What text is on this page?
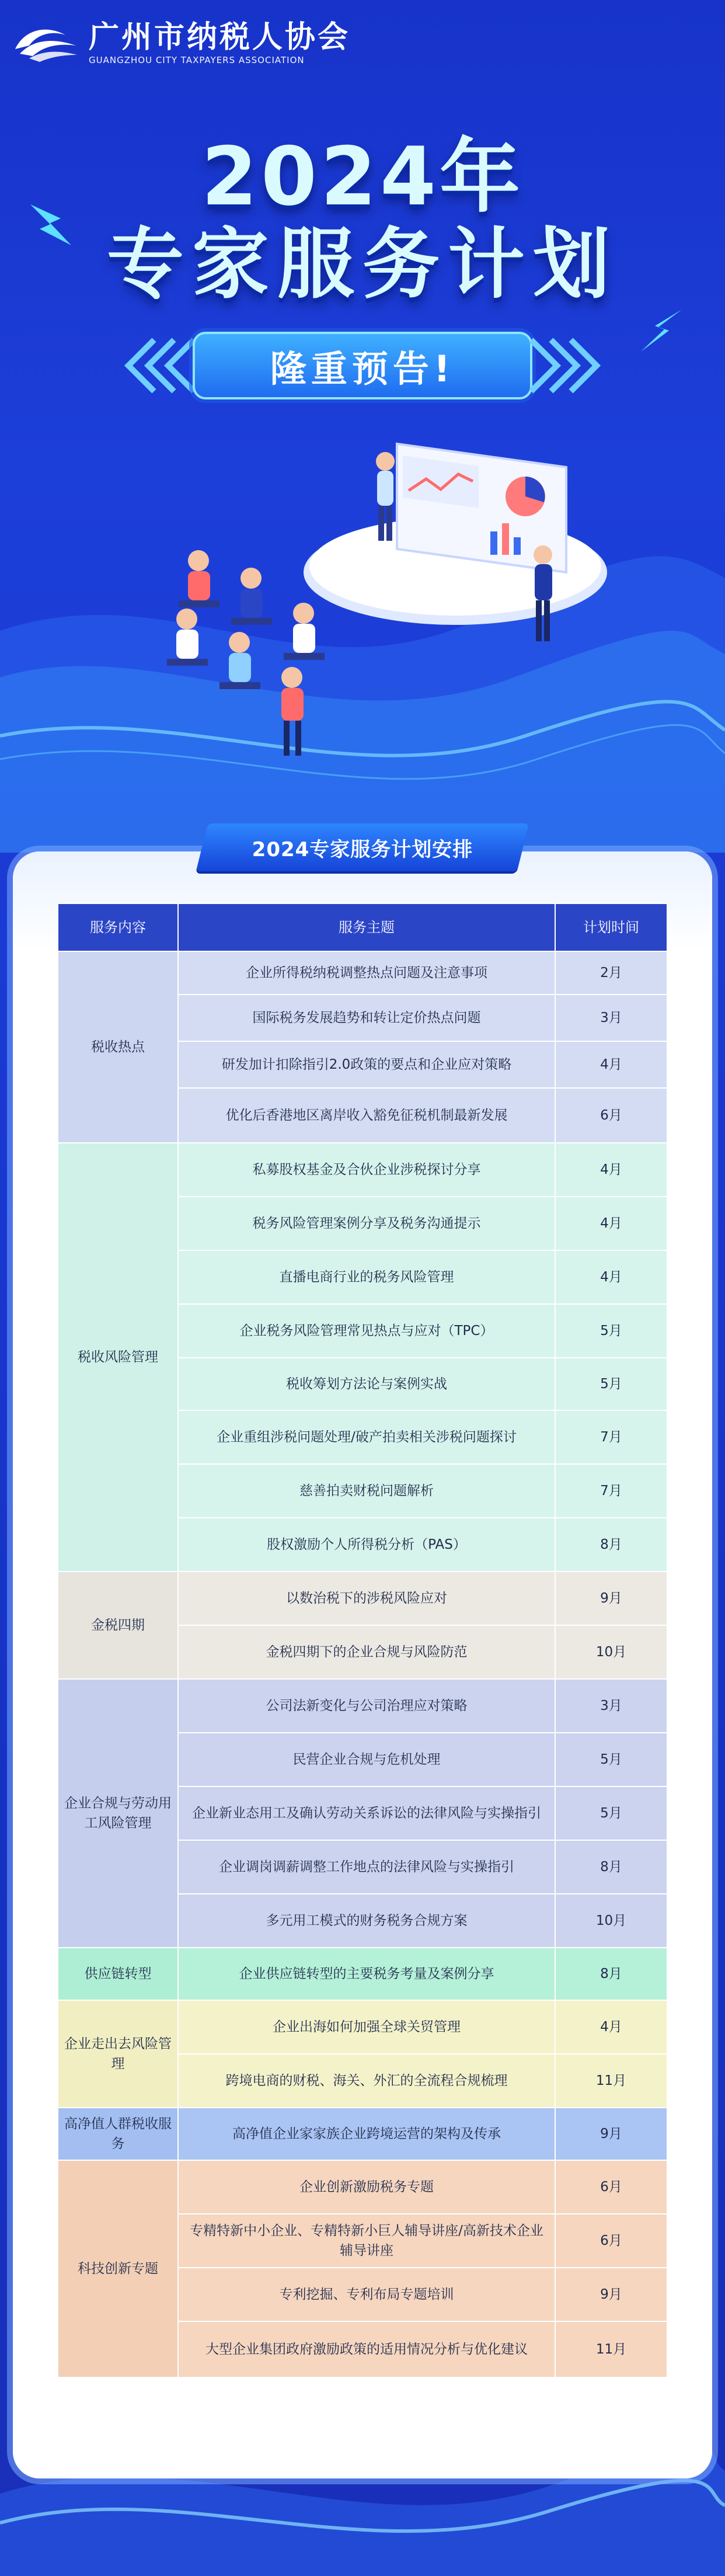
广州市纳税人协会
GUANGZHOU CITY TAXPAYERS ASSOCIATION
2024年
专家服务计划
隆重预告!
2024专家服务计划安排
服务内容	服务主题	计划时间
税收热点	企业所得税纳税调整热点问题及注意事项	2月
	国际税务发展趋势和转让定价热点问题	3月
	研发加计扣除指引2.0政策的要点和企业应对策略	4月
	优化后香港地区离岸收入豁免征税机制最新发展	6月
税收风险管理	私募股权基金及合伙企业涉税探讨分享	4月
	税务风险管理案例分享及税务沟通提示	4月
	直播电商行业的税务风险管理	4月
	企业税务风险管理常见热点与应对（TPC）	5月
	税收筹划方法论与案例实战	5月
	企业重组涉税问题处理/破产拍卖相关涉税问题探讨	7月
	慈善拍卖财税问题解析	7月
	股权激励个人所得税分析（PAS）	8月
金税四期	以数治税下的涉税风险应对	9月
	金税四期下的企业合规与风险防范	10月
企业合规与劳动用工风险管理	公司法新变化与公司治理应对策略	3月
	民营企业合规与危机处理	5月
	企业新业态用工及确认劳动关系诉讼的法律风险与实操指引	5月
	企业调岗调薪调整工作地点的法律风险与实操指引	8月
	多元用工模式的财务税务合规方案	10月
供应链转型	企业供应链转型的主要税务考量及案例分享	8月
企业走出去风险管理	企业出海如何加强全球关贸管理	4月
	跨境电商的财税、海关、外汇的全流程合规梳理	11月
高净值人群税收服务	高净值企业家家族企业跨境运营的架构及传承	9月
科技创新专题	企业创新激励税务专题	6月
	专精特新中小企业、专精特新小巨人辅导讲座/高新技术企业辅导讲座	6月
	专利挖掘、专利布局专题培训	9月
	大型企业集团政府激励政策的适用情况分析与优化建议	11月
